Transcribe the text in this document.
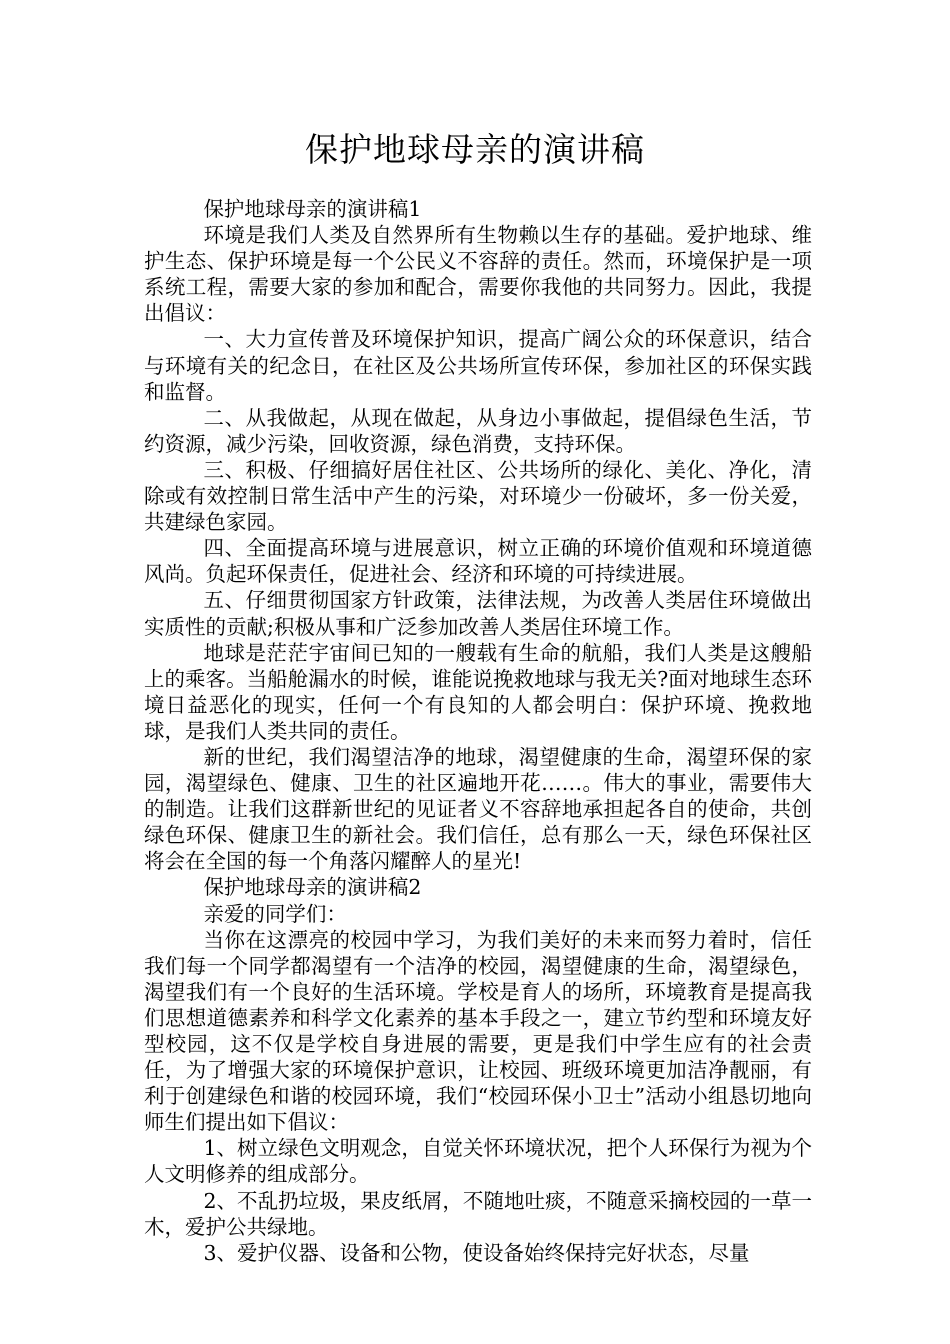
保护地球母亲的演讲稿

保护地球母亲的演讲稿1

环境是我们人类及自然界所有生物赖以生存的基础。爱护地球、维护生态、保护环境是每一个公民义不容辞的责任。然而，环境保护是一项系统工程，需要大家的参加和配合，需要你我他的共同努力。因此，我提出倡议：

一、大力宣传普及环境保护知识，提高广阔公众的环保意识，结合与环境有关的纪念日，在社区及公共场所宣传环保，参加社区的环保实践和监督。

二、从我做起，从现在做起，从身边小事做起，提倡绿色生活，节约资源，减少污染，回收资源，绿色消费，支持环保。

三、积极、仔细搞好居住社区、公共场所的绿化、美化、净化，清除或有效控制日常生活中产生的污染，对环境少一份破坏，多一份关爱，共建绿色家园。

四、全面提高环境与进展意识，树立正确的环境价值观和环境道德风尚。负起环保责任，促进社会、经济和环境的可持续进展。

五、仔细贯彻国家方针政策，法律法规，为改善人类居住环境做出实质性的贡献;积极从事和广泛参加改善人类居住环境工作。

地球是茫茫宇宙间已知的一艘载有生命的航船，我们人类是这艘船上的乘客。当船舱漏水的时候，谁能说挽救地球与我无关?面对地球生态环境日益恶化的现实，任何一个有良知的人都会明白：保护环境、挽救地球，是我们人类共同的责任。

新的世纪，我们渴望洁净的地球，渴望健康的生命，渴望环保的家园，渴望绿色、健康、卫生的社区遍地开花……。伟大的事业，需要伟大的制造。让我们这群新世纪的见证者义不容辞地承担起各自的使命，共创绿色环保、健康卫生的新社会。我们信任，总有那么一天，绿色环保社区将会在全国的每一个角落闪耀醉人的星光!

保护地球母亲的演讲稿2

亲爱的同学们：

当你在这漂亮的校园中学习，为我们美好的未来而努力着时，信任我们每一个同学都渴望有一个洁净的校园，渴望健康的生命，渴望绿色，渴望我们有一个良好的生活环境。学校是育人的场所，环境教育是提高我们思想道德素养和科学文化素养的基本手段之一，建立节约型和环境友好型校园，这不仅是学校自身进展的需要，更是我们中学生应有的社会责任，为了增强大家的环境保护意识，让校园、班级环境更加洁净靓丽，有利于创建绿色和谐的校园环境，我们“校园环保小卫士”活动小组恳切地向师生们提出如下倡议：

1、树立绿色文明观念，自觉关怀环境状况，把个人环保行为视为个人文明修养的组成部分。

2、不乱扔垃圾，果皮纸屑，不随地吐痰，不随意采摘校园的一草一木，爱护公共绿地。

3、爱护仪器、设备和公物，使设备始终保持完好状态，尽量
